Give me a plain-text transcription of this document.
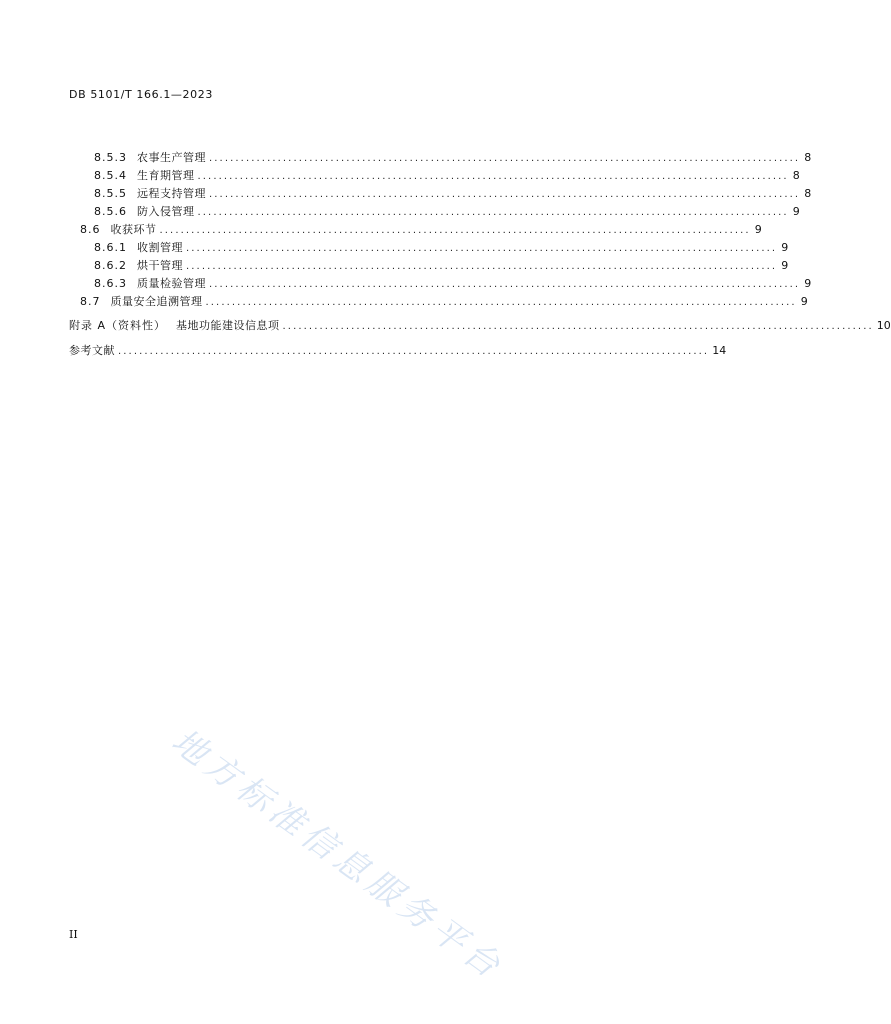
DB 5101/T 166.1—2023
8.5.3 农事生产管理 ................................................................................................................ 8
8.5.4 生育期管理 ................................................................................................................ 8
8.5.5 远程支持管理 ................................................................................................................ 8
8.5.6 防入侵管理 ................................................................................................................ 9
8.6 收获环节 ................................................................................................................ 9
8.6.1 收割管理 ................................................................................................................ 9
8.6.2 烘干管理 ................................................................................................................ 9
8.6.3 质量检验管理 ................................................................................................................ 9
8.7 质量安全追溯管理 ................................................................................................................ 9
附录 A（资料性） 基地功能建设信息项 ................................................................................................................ 10
参考文献 ................................................................................................................ 14
地方标准信息服务平台
II
